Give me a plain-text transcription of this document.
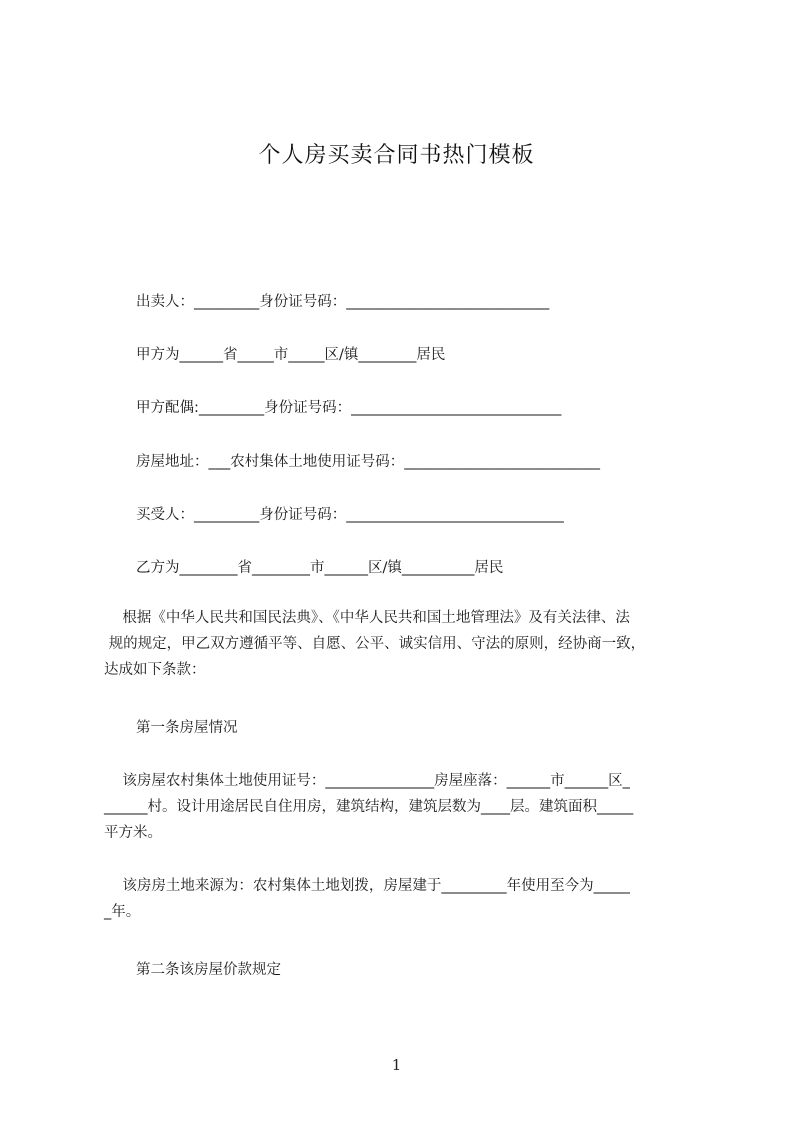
个人房买卖合同书热门模板
出卖人：_________身份证号码：____________________________
甲方为______省_____市_____区/镇________居民
甲方配偶:_________身份证号码：_____________________________
房屋地址：___农村集体土地使用证号码：___________________________
买受人：_________身份证号码：______________________________
乙方为________省________市______区/镇__________居民
根据《中华人民共和国民法典》、《中华人民共和国土地管理法》及有关法律、法
规的规定，甲乙双方遵循平等、自愿、公平、诚实信用、守法的原则，经协商一致，
达成如下条款：
第一条房屋情况
该房屋农村集体土地使用证号：_______________房屋座落：______市______区_
______村。设计用途居民自住用房，建筑结构，建筑层数为____层。建筑面积_____
平方米。
该房房土地来源为：农村集体土地划拨，房屋建于_________年使用至今为_____
_年。
第二条该房屋价款规定
1
